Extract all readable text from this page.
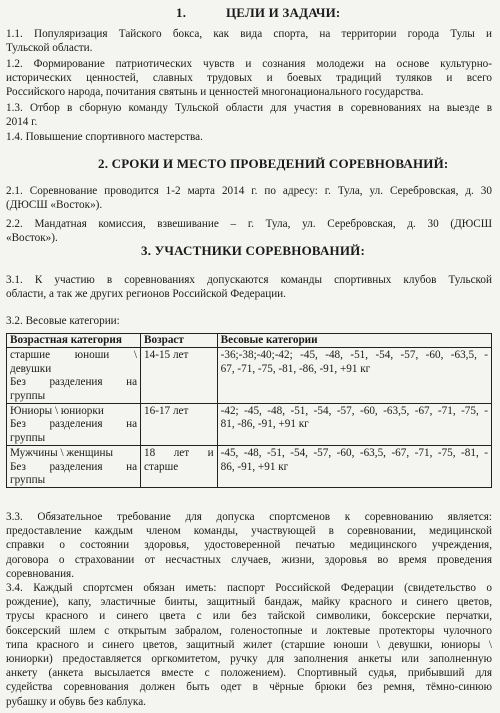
1.	ЦЕЛИ И ЗАДАЧИ:
1.1. Популяризация Тайского бокса, как вида спорта, на территории города Тулы и
Тульской области.
1.2. Формирование патриотических чувств и сознания молодежи на основе культурно-
исторических ценностей, славных трудовых и боевых традиций туляков и всего
Российского народа, почитания святынь и ценностей многонационального государства.
1.3. Отбор в сборную команду Тульской области для участия в соревнованиях на выезде в
2014 г.
1.4. Повышение спортивного мастерства.
2. СРОКИ И МЕСТО ПРОВЕДЕНИЙ СОРЕВНОВАНИЙ:
2.1. Соревнование проводится 1-2 марта 2014 г. по адресу: г. Тула, ул. Серебровская, д. 30
(ДЮСШ «Восток»).
2.2. Мандатная комиссия, взвешивание – г. Тула, ул. Серебровская, д. 30 (ДЮСШ
«Восток»).
3. УЧАСТНИКИ СОРЕВНОВАНИЙ:
3.1. К участию в соревнованиях допускаются команды спортивных клубов Тульской
области, а так же других регионов Российской Федерации.
3.2. Весовые категории:
Возрастная категория	Возраст	Весовые категории

старшие юноши \
девушки
Без разделения на
группы	14-15 лет	-36;-38;-40;-42; -45, -48, -51, -54, -57, -60, -63,5, -
67, -71, -75, -81, -86, -91, +91 кг

Юниоры \ юниорки
Без разделения на
группы	16-17 лет	-42; -45, -48, -51, -54, -57, -60, -63,5, -67, -71, -75, -
81, -86, -91, +91 кг

Мужчины \ женщины
Без разделения на
группы	18 лет и
старше	-45, -48, -51, -54, -57, -60, -63,5, -67, -71, -75, -81, -
86, -91, +91 кг
3.3. Обязательное требование для допуска спортсменов к соревнованию является:
предоставление каждым членом команды, участвующей в соревновании, медицинской
справки о состоянии здоровья, удостоверенной печатью медицинского учреждения,
договора о страховании от несчастных случаев, жизни, здоровья во время проведения
соревнования.
3.4. Каждый спортсмен обязан иметь: паспорт Российской Федерации (свидетельство о
рождение), капу, эластичные бинты, защитный бандаж, майку красного и синего цветов,
трусы красного и синего цвета с или без тайской символики, боксерские перчатки,
боксерский шлем с открытым забралом, голеностопные и локтевые протекторы чулочного
типа красного и синего цветов, защитный жилет (старшие юноши \ девушки, юниоры \
юниорки) предоставляется оргкомитетом, ручку для заполнения анкеты или заполненную
анкету (анкета высылается вместе с положением). Спортивный судья, прибывший для
судейства соревнования должен быть одет в чёрные брюки без ремня, тёмно-синюю
рубашку и обувь без каблука.
